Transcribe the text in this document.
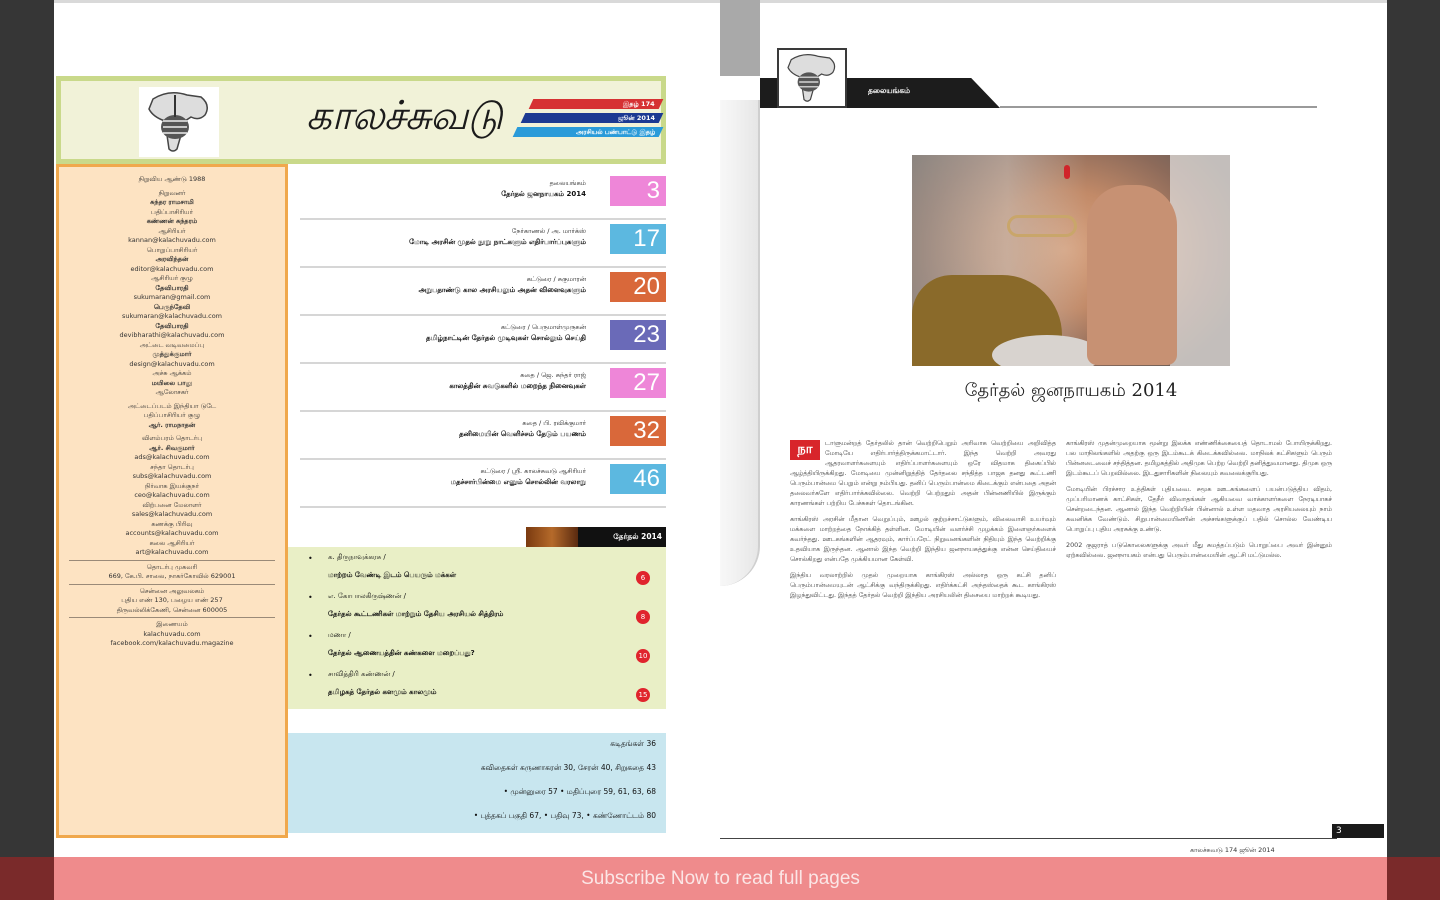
காலச்சுவடு	இதழ் 174
ஜூன் 2014
அரசியல் பண்பாட்டு இதழ்
நிறுவிய ஆண்டு 1988
நிறுவனர்
சுந்தர ராமசாமி
பதிப்பாசிரியர்
கண்ணன் சுந்தரம்
ஆசிரியர்
kannan@kalachuvadu.com
பொறுப்பாசிரியர்
அரவிந்தன்
editor@kalachuvadu.com
ஆசிரியர் குழு
தேவிபாரதி
sukumaran@gmail.com
பெருந்தேவி
sukumaran@kalachuvadu.com
தேவிபாரதி
devibharathi@kalachuvadu.com
அட்டை வடிவமைப்பு
முத்துக்குமார்
design@kalachuvadu.com
அச்சு ஆக்கம்
மயிலை பாலு
ஆலோசகர்
அட்டைப்படம் இந்தியா டுடே
பதிப்பாசிரியர் குழு
ஆர். ராமநாதன்
விளம்பரம் தொடர்பு
ஆர். சிவகுமார்
ads@kalachuvadu.com
சந்தா தொடர்பு
subs@kalachuvadu.com
நிர்வாக இயக்குநர்
ceo@kalachuvadu.com
விற்பனை மேலாளர்
sales@kalachuvadu.com
கணக்கு பிரிவு
accounts@kalachuvadu.com
கலை ஆசிரியர்
art@kalachuvadu.com
தொடர்பு முகவரி
669, கே.பி. சாலை, நாகர்கோவில் 629001
சென்னை அலுவலகம்
புதிய எண் 130, பழைய எண் 257
திருவல்லிக்கேணி, சென்னை 600005
இணையம்
kalachuvadu.com
facebook.com/kalachuvadu.magazine
தலையங்கம்
தேர்தல் ஜனநாயகம் 2014	3
நேர்காணல் / அ. மார்க்ஸ்
மோடி அரசின் முதல் நூறு நாட்களும் எதிர்பார்ப்புகளும்	17
கட்டுரை / சுகுமாரன்
அறுபதாண்டு கால அரசியலும் அதன் விளைவுகளும்	20
கட்டுரை / பெருமாள்முருகன்
தமிழ்நாட்டின் தேர்தல் முடிவுகள் சொல்லும் செய்தி	23
கதை / ஜெ. சுந்தர் ராஜ்
காலத்தின் சுவடுகளில் மறைந்த நினைவுகள்	27
கதை / பி. ரவிக்குமார்
தனிமையின் வெளிச்சம் தேடும் பயணம்	32
கட்டுரை / ஸ்ரீ. காலச்சுவடு ஆசிரியர்
மதச்சார்பின்மை எனும் சொல்லின் வரலாறு	46
தேர்தல் 2014
• க. திருநாவுக்கரசு /
மாற்றம் வேண்டி இடம் பெயரும் மக்கள்	6
• எ. கோபாலகிருஷ்ணன் /
தேர்தல் கூட்டணிகள் மாற்றும் தேசிய அரசியல் சித்திரம்	8
• மணா /
தேர்தல் ஆணையத்தின் கண்களை மறைப்பது?	10
• சாவித்திரி கண்ணன் /
தமிழகத் தேர்தல் களமும் காலமும்	15
கடிதங்கள் 36
கவிதைகள் கருணாகரன் 30, சேரன் 40, சிறுகதை 43
• முன்னுரை 57 • மதிப்புரை 59, 61, 63, 68
• புத்தகப் பகுதி 67, • பதிவு 73, • கண்ணோட்டம் 80
தலையங்கம்
தேர்தல் ஜனநாயகம் 2014
நா	டாளுமன்றத் தேர்தலில் தான் வெற்றிபெறும் அரிவாக வெற்றியை அறிவித்த மோடியே எதிர்பார்த்திருக்கமாட்டார். இந்த வெற்றி அவரது ஆதரவாளர்களையும் எதிர்ப்பாளர்களையும் ஒரே விதமாக திகைப்பில் ஆழ்த்தியிருக்கிறது. மோடியை முன்னிறுத்தித் தேர்தலை சந்தித்த பாஜக தனது கூட்டணி பெரும்பான்மை பெறும் என்று நம்பியது. தனிப் பெரும்பான்மை கிடைக்கும் என்பதை அதன் தலைவர்களே எதிர்பார்க்கவில்லை. வெற்றி பெற்றதும் அதன் பின்னணியில் இருக்கும் காரணங்கள் பற்றிய பேச்சுகள் தொடங்கின.
காங்கிரஸ் அரசின் மீதான வெறுப்பும், ஊழல் குற்றச்சாட்டுகளும், விலைவாசி உயர்வும் மக்களை மாற்றத்தை நோக்கித் தள்ளின. மோடியின் வளர்ச்சி முழக்கம் இளைஞர்களைக் கவர்ந்தது. ஊடகங்களின் ஆதரவும், கார்ப்பரேட் நிறுவனங்களின் நிதியும் இந்த வெற்றிக்கு உதவியாக இருந்தன. ஆனால் இந்த வெற்றி இந்திய ஜனநாயகத்துக்கு என்ன செய்தியைச் சொல்கிறது என்பதே முக்கியமான கேள்வி.
இந்திய வரலாற்றில் முதல் முறையாக காங்கிரஸ் அல்லாத ஒரு கட்சி தனிப் பெரும்பான்மையுடன் ஆட்சிக்கு வந்திருக்கிறது. எதிர்க்கட்சி அந்தஸ்தைக் கூட காங்கிரஸ் இழந்துவிட்டது. இந்தத் தேர்தல் வெற்றி இந்திய அரசியலின் திசையை மாற்றக் கூடியது.
காங்கிரஸ் முதன்முறையாக மூன்று இலக்க எண்ணிக்கையைத் தொடாமல் போயிருக்கிறது. பல மாநிலங்களில் அதற்கு ஒரு இடம்கூடக் கிடைக்கவில்லை. மாநிலக் கட்சிகளும் பெரும் பின்னடைவைச் சந்தித்தன. தமிழகத்தில் அதிமுக பெற்ற வெற்றி தனித்துவமானது. திமுக ஒரு இடம்கூடப் பெறவில்லை. இடதுசாரிகளின் நிலையும் கவலைக்குரியது.
மோடியின் பிரச்சார உத்திகள் புதியவை. சமூக ஊடகங்களைப் பயன்படுத்திய விதம், முப்பரிமாணக் காட்சிகள், தேநீர் விவாதங்கள் ஆகியவை வாக்காளர்களை நேரடியாகச் சென்றடைந்தன. ஆனால் இந்த வெற்றியின் பின்னால் உள்ள மதவாத அரசியலையும் நாம் கவனிக்க வேண்டும். சிறுபான்மையினரின் அச்சங்களுக்குப் பதில் சொல்ல வேண்டிய பொறுப்பு புதிய அரசுக்கு உண்டு.
2002 குஜராத் படுகொலைகளுக்கு அவர் மீது சுமத்தப்படும் பொறுப்பை அவர் இன்னும் ஏற்கவில்லை. ஜனநாயகம் என்பது பெரும்பான்மையின் ஆட்சி மட்டுமல்ல.
3
காலச்சுவடு 174 ஜூன் 2014
Subscribe Now to read full pages
